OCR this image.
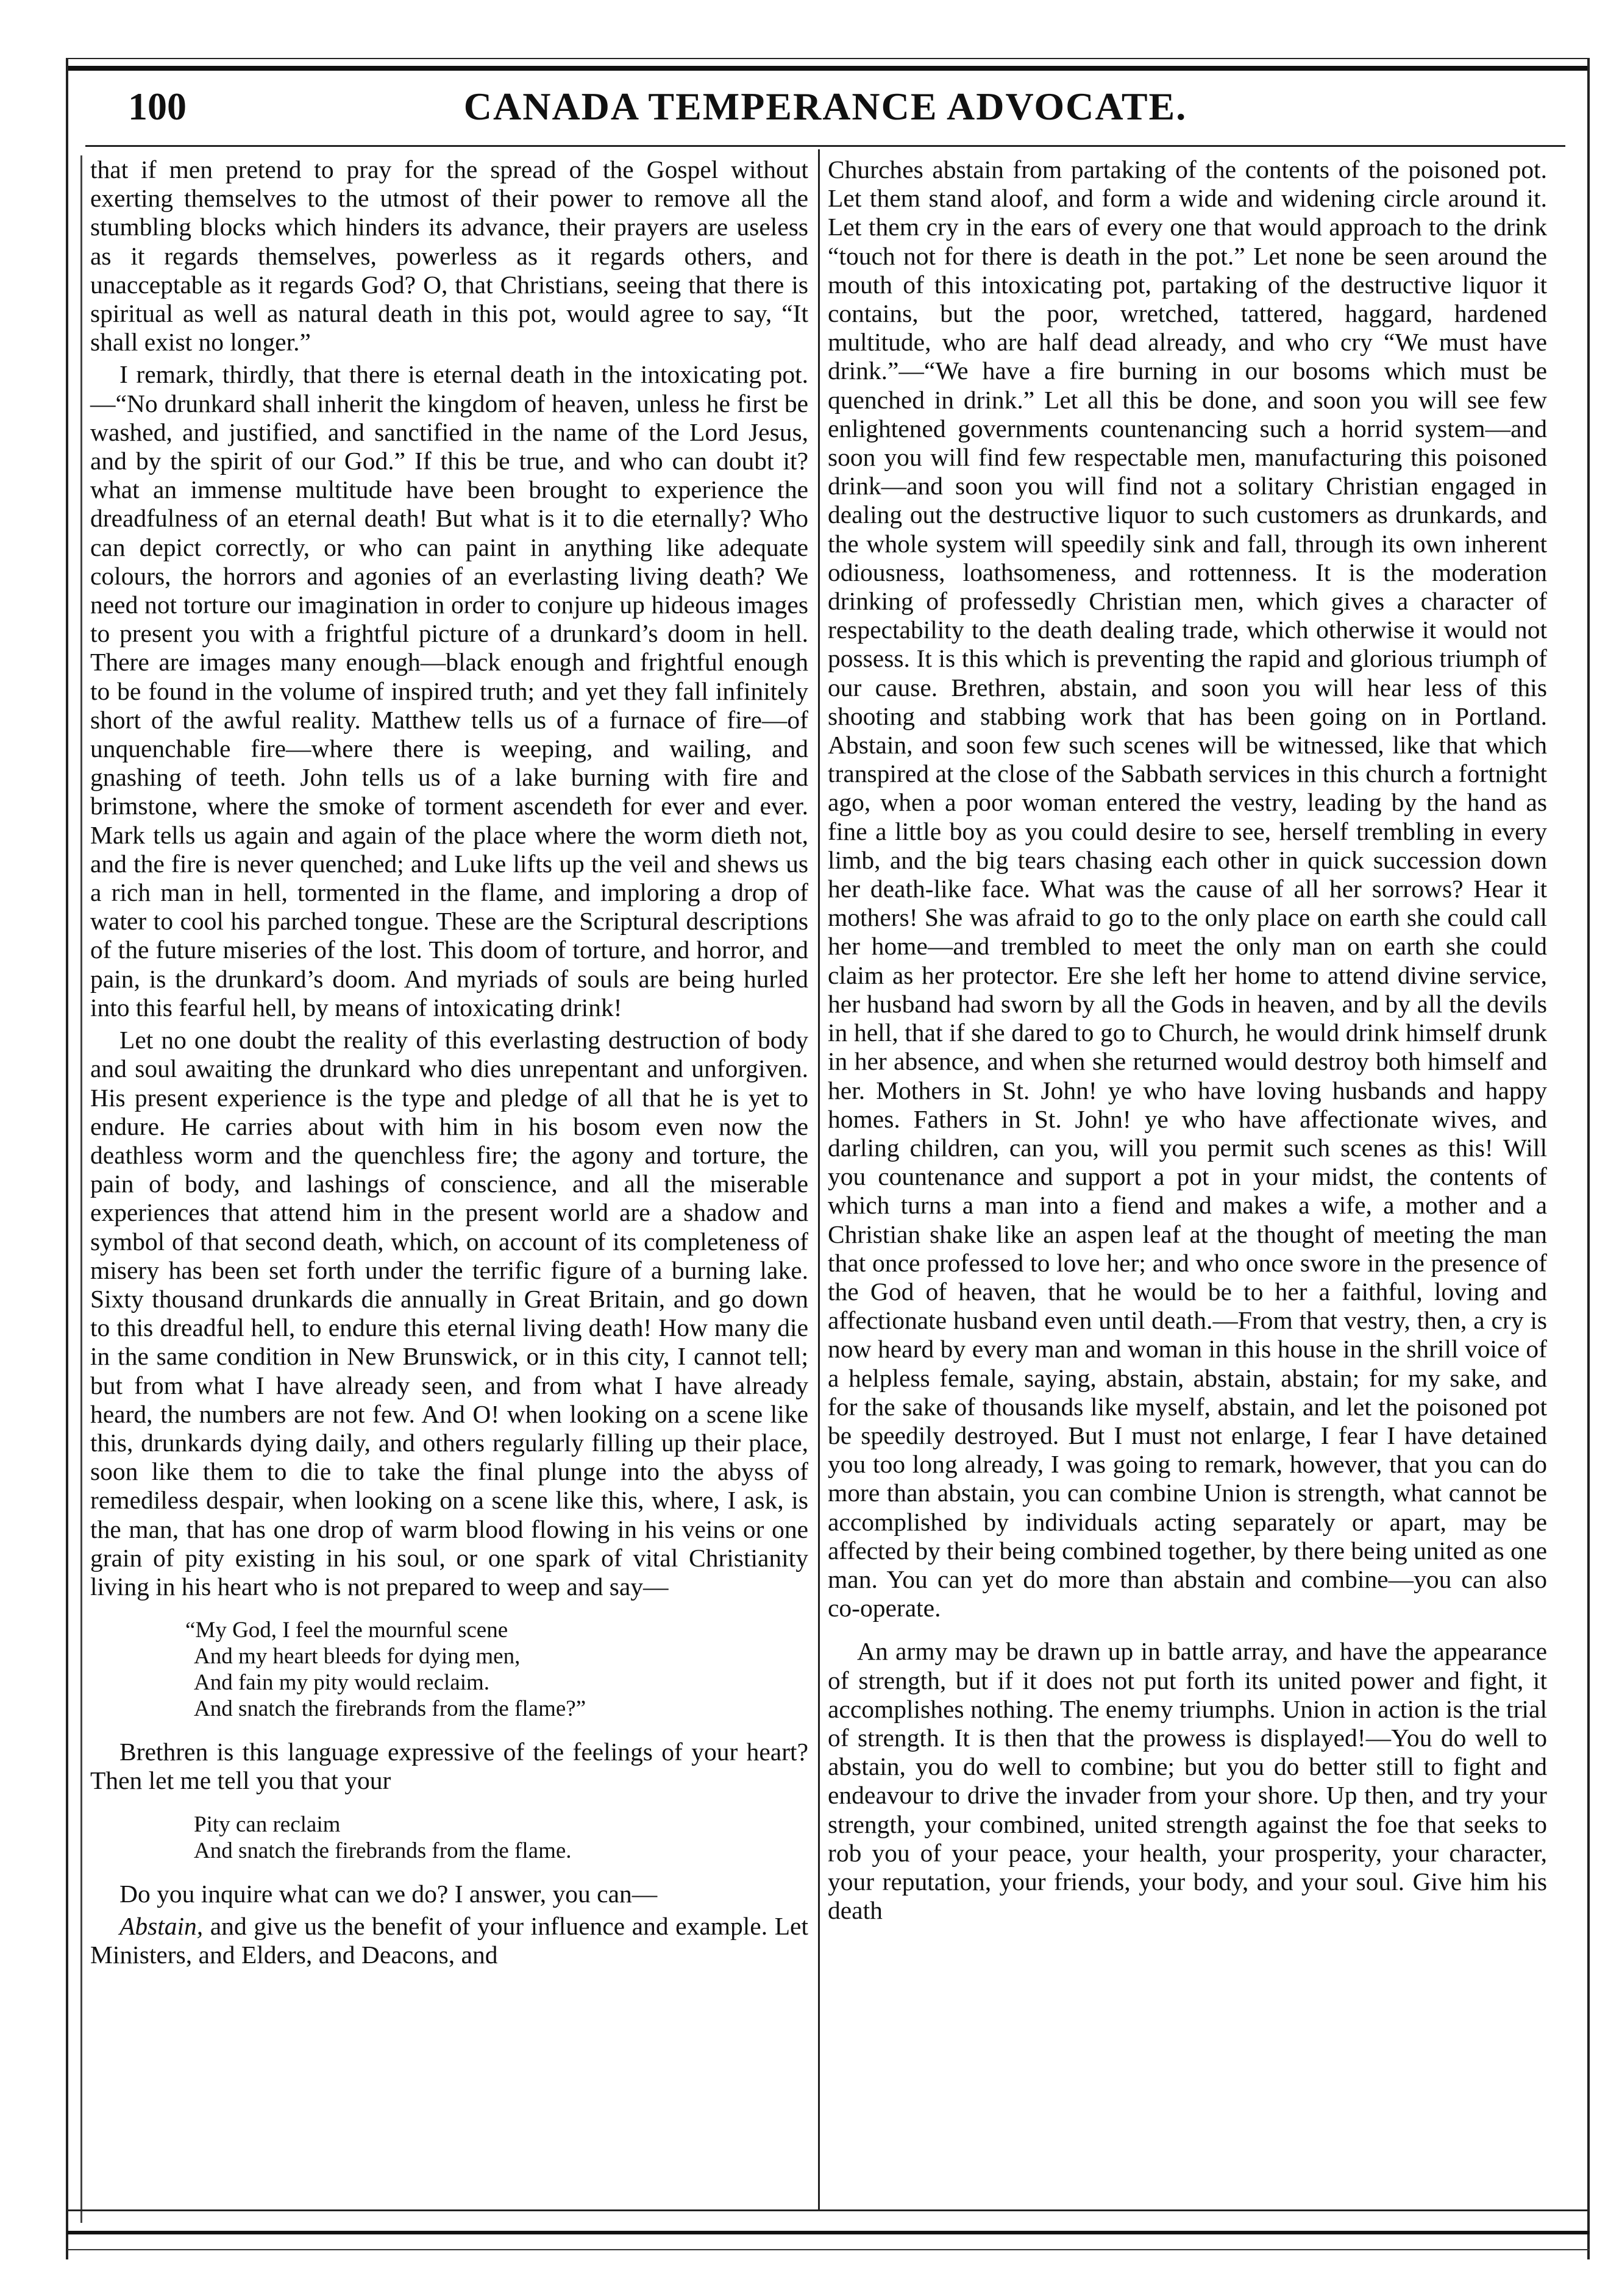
100	CANADA TEMPERANCE ADVOCATE.

that if men pretend to pray for the spread of the Gospel without exerting themselves to the utmost of their power to remove all the stumbling blocks which hinders its advance, their prayers are useless as it regards themselves, powerless as it regards others, and unacceptable as it regards God? O, that Christians, seeing that there is spiritual as well as natural death in this pot, would agree to say, “It shall exist no longer.”

I remark, thirdly, that there is eternal death in the intoxicating pot.—“No drunkard shall inherit the kingdom of heaven, unless he first be washed, and justified, and sanctified in the name of the Lord Jesus, and by the spirit of our God.” If this be true, and who can doubt it? what an immense multitude have been brought to experience the dreadfulness of an eternal death! But what is it to die eternally? Who can depict correctly, or who can paint in anything like adequate colours, the horrors and agonies of an everlasting living death? We need not torture our imagination in order to conjure up hideous images to present you with a frightful picture of a drunkard’s doom in hell. There are images many enough—black enough and frightful enough to be found in the volume of inspired truth; and yet they fall infinitely short of the awful reality. Matthew tells us of a furnace of fire—of unquenchable fire—where there is weeping, and wailing, and gnashing of teeth. John tells us of a lake burning with fire and brimstone, where the smoke of torment ascendeth for ever and ever. Mark tells us again and again of the place where the worm dieth not, and the fire is never quenched; and Luke lifts up the veil and shews us a rich man in hell, tormented in the flame, and imploring a drop of water to cool his parched tongue. These are the Scriptural descriptions of the future miseries of the lost. This doom of torture, and horror, and pain, is the drunkard’s doom. And myriads of souls are being hurled into this fearful hell, by means of intoxicating drink!

Let no one doubt the reality of this everlasting destruction of body and soul awaiting the drunkard who dies unrepentant and unforgiven. His present experience is the type and pledge of all that he is yet to endure. He carries about with him in his bosom even now the deathless worm and the quenchless fire; the agony and torture, the pain of body, and lashings of conscience, and all the miserable experiences that attend him in the present world are a shadow and symbol of that second death, which, on account of its completeness of misery has been set forth under the terrific figure of a burning lake. Sixty thousand drunkards die annually in Great Britain, and go down to this dreadful hell, to endure this eternal living death! How many die in the same condition in New Brunswick, or in this city, I cannot tell; but from what I have already seen, and from what I have already heard, the numbers are not few. And O! when looking on a scene like this, drunkards dying daily, and others regularly filling up their place, soon like them to die to take the final plunge into the abyss of remediless despair, when looking on a scene like this, where, I ask, is the man, that has one drop of warm blood flowing in his veins or one grain of pity existing in his soul, or one spark of vital Christianity living in his heart who is not prepared to weep and say—

“My God, I feel the mournful scene
And my heart bleeds for dying men,
And fain my pity would reclaim.
And snatch the firebrands from the flame?”

Brethren is this language expressive of the feelings of your heart? Then let me tell you that your

Pity can reclaim
And snatch the firebrands from the flame.

Do you inquire what can we do? I answer, you can—

Abstain, and give us the benefit of your influence and example. Let Ministers, and Elders, and Deacons, and

Churches abstain from partaking of the contents of the poisoned pot. Let them stand aloof, and form a wide and widening circle around it. Let them cry in the ears of every one that would approach to the drink “touch not for there is death in the pot.” Let none be seen around the mouth of this intoxicating pot, partaking of the destructive liquor it contains, but the poor, wretched, tattered, haggard, hardened multitude, who are half dead already, and who cry “We must have drink.”—“We have a fire burning in our bosoms which must be quenched in drink.” Let all this be done, and soon you will see few enlightened governments countenancing such a horrid system—and soon you will find few respectable men, manufacturing this poisoned drink—and soon you will find not a solitary Christian engaged in dealing out the destructive liquor to such customers as drunkards, and the whole system will speedily sink and fall, through its own inherent odiousness, loathsomeness, and rottenness. It is the moderation drinking of professedly Christian men, which gives a character of respectability to the death dealing trade, which otherwise it would not possess. It is this which is preventing the rapid and glorious triumph of our cause. Brethren, abstain, and soon you will hear less of this shooting and stabbing work that has been going on in Portland. Abstain, and soon few such scenes will be witnessed, like that which transpired at the close of the Sabbath services in this church a fortnight ago, when a poor woman entered the vestry, leading by the hand as fine a little boy as you could desire to see, herself trembling in every limb, and the big tears chasing each other in quick succession down her death-like face. What was the cause of all her sorrows? Hear it mothers! She was afraid to go to the only place on earth she could call her home—and trembled to meet the only man on earth she could claim as her protector. Ere she left her home to attend divine service, her husband had sworn by all the Gods in heaven, and by all the devils in hell, that if she dared to go to Church, he would drink himself drunk in her absence, and when she returned would destroy both himself and her. Mothers in St. John! ye who have loving husbands and happy homes. Fathers in St. John! ye who have affectionate wives, and darling children, can you, will you permit such scenes as this! Will you countenance and support a pot in your midst, the contents of which turns a man into a fiend and makes a wife, a mother and a Christian shake like an aspen leaf at the thought of meeting the man that once professed to love her; and who once swore in the presence of the God of heaven, that he would be to her a faithful, loving and affectionate husband even until death.—From that vestry, then, a cry is now heard by every man and woman in this house in the shrill voice of a helpless female, saying, abstain, abstain, abstain; for my sake, and for the sake of thousands like myself, abstain, and let the poisoned pot be speedily destroyed. But I must not enlarge, I fear I have detained you too long already, I was going to remark, however, that you can do more than abstain, you can combine Union is strength, what cannot be accomplished by individuals acting separately or apart, may be affected by their being combined together, by there being united as one man. You can yet do more than abstain and combine—you can also co-operate.

An army may be drawn up in battle array, and have the appearance of strength, but if it does not put forth its united power and fight, it accomplishes nothing. The enemy triumphs. Union in action is the trial of strength. It is then that the prowess is displayed!—You do well to abstain, you do well to combine; but you do better still to fight and endeavour to drive the invader from your shore. Up then, and try your strength, your combined, united strength against the foe that seeks to rob you of your peace, your health, your prosperity, your character, your reputation, your friends, your body, and your soul. Give him his death
